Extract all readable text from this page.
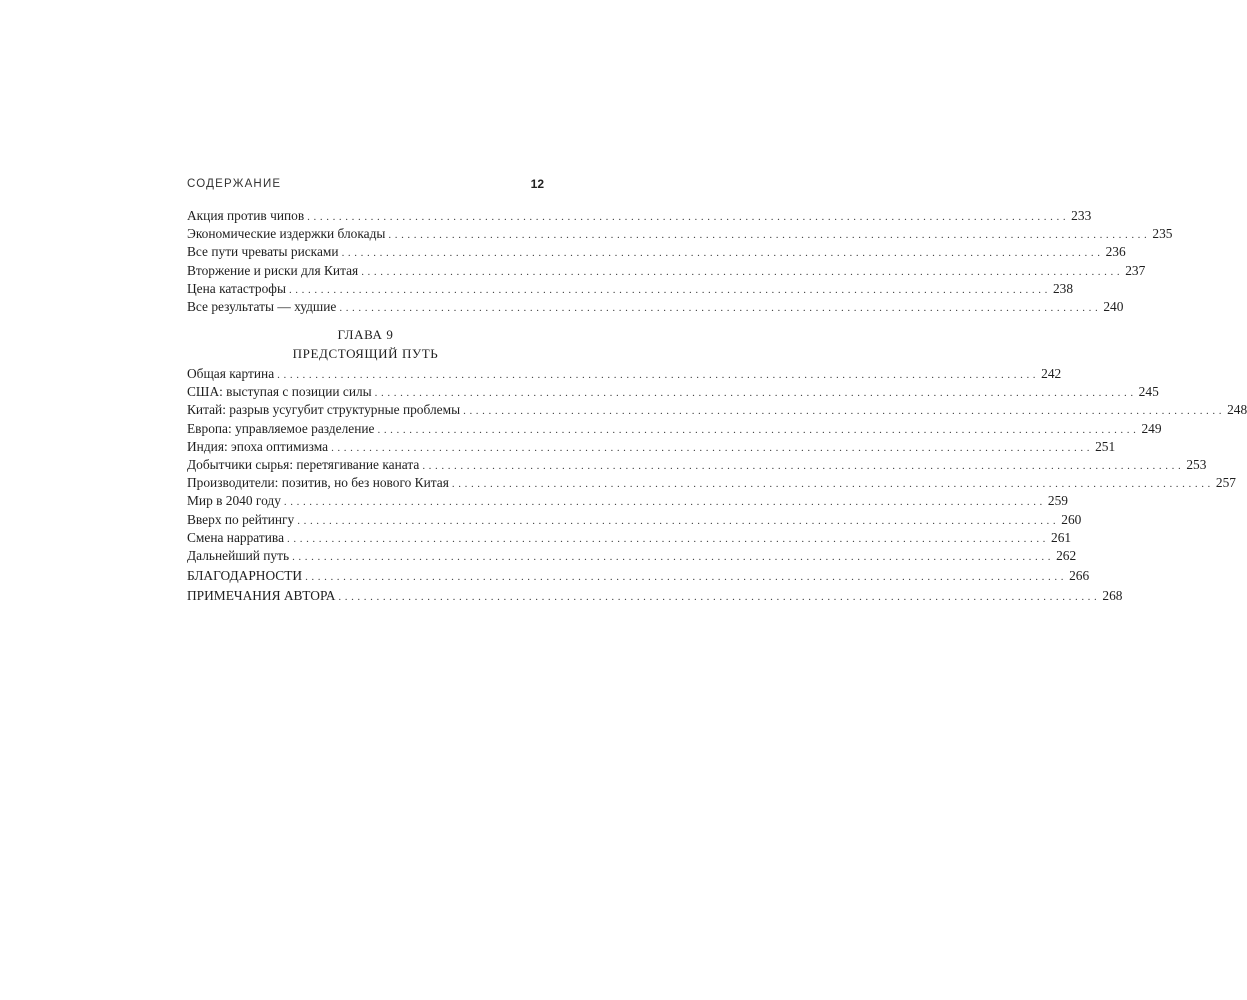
СОДЕРЖАНИЕ	12
Акция против чипов ........................................................................................................................ 233
Экономические издержки блокады ........................................................................................................................ 235
Все пути чреваты рисками ........................................................................................................................ 236
Вторжение и риски для Китая ........................................................................................................................ 237
Цена катастрофы ........................................................................................................................ 238
Все результаты — худшие ........................................................................................................................ 240
ГЛАВА 9
ПРЕДСТОЯЩИЙ ПУТЬ
Общая картина ........................................................................................................................ 242
США: выступая с позиции силы ........................................................................................................................ 245
Китай: разрыв усугубит структурные проблемы ........................................................................................................................ 248
Европа: управляемое разделение ........................................................................................................................ 249
Индия: эпоха оптимизма ........................................................................................................................ 251
Добытчики сырья: перетягивание каната ........................................................................................................................ 253
Производители: позитив, но без нового Китая ........................................................................................................................ 257
Мир в 2040 году ........................................................................................................................ 259
Вверх по рейтингу ........................................................................................................................ 260
Смена нарратива ........................................................................................................................ 261
Дальнейший путь ........................................................................................................................ 262
БЛАГОДАРНОСТИ ........................................................................................................................ 266
ПРИМЕЧАНИЯ АВТОРА ........................................................................................................................ 268
